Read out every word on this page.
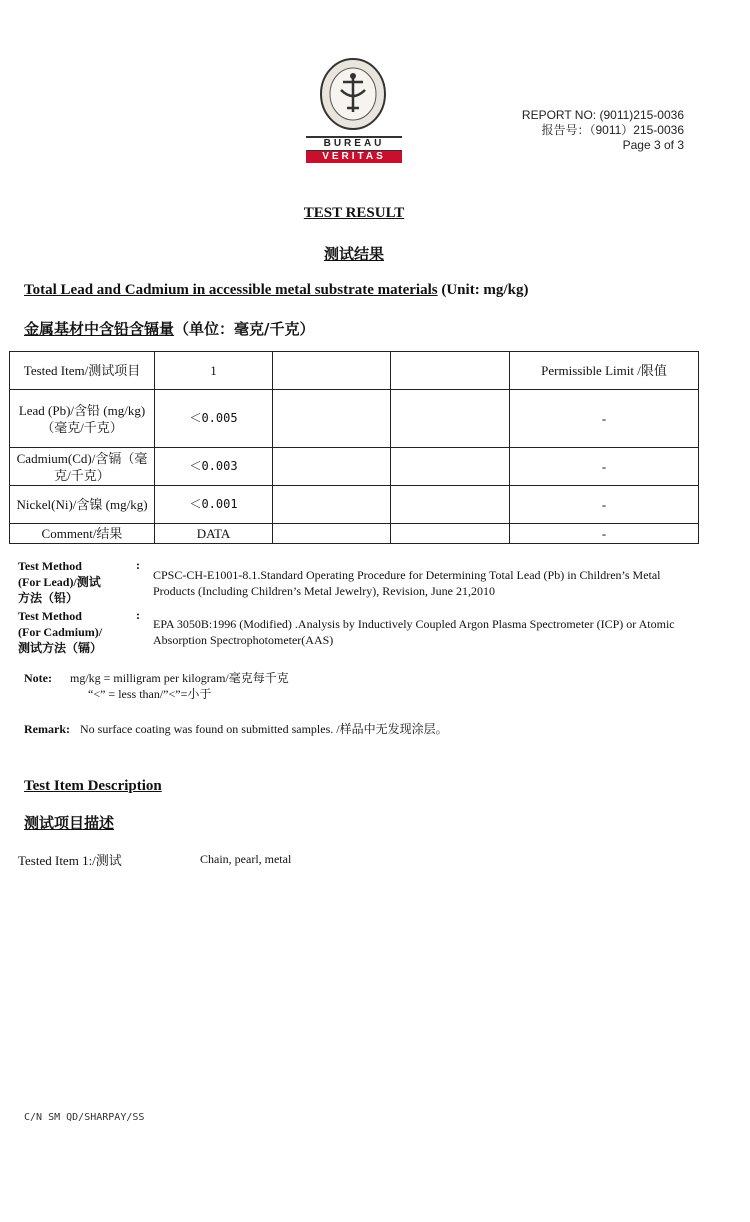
BUREAU
VERITAS
REPORT NO: (9011)215-0036
报告号：（9011）215-0036
Page 3 of 3
TEST RESULT
测试结果
Total Lead and Cadmium in accessible metal substrate materials (Unit: mg/kg)
金属基材中含铅含镉量（单位：毫克/千克）
Tested Item/测试项目	1			Permissible Limit /限值
Lead (Pb)/含铅 (mg/kg) （毫克/千克）	＜0.005			-
Cadmium(Cd)/含镉（毫克/千克）	＜0.003			-
Nickel(Ni)/含镍 (mg/kg)	＜0.001			-
Comment/结果	DATA			-
Test Method
(For Lead)/测试
方法（铅）
:
CPSC-CH-E1001-8.1.Standard Operating Procedure for Determining Total Lead (Pb) in Children’s Metal Products (Including Children’s Metal Jewelry), Revision, June 21,2010
Test Method
(For Cadmium)/
测试方法（镉）
:
EPA 3050B:1996 (Modified) .Analysis by Inductively Coupled Argon Plasma Spectrometer (ICP) or Atomic Absorption Spectrophotometer(AAS)
Note: mg/kg = milligram per kilogram/毫克每千克
“<” = less than/”<”=小于
Remark: No surface coating was found on submitted samples. /样品中无发现涂层。
Test Item Description
测试项目描述
Tested Item 1:/测试	Chain, pearl, metal
C/N SM QD/SHARPAY/SS
